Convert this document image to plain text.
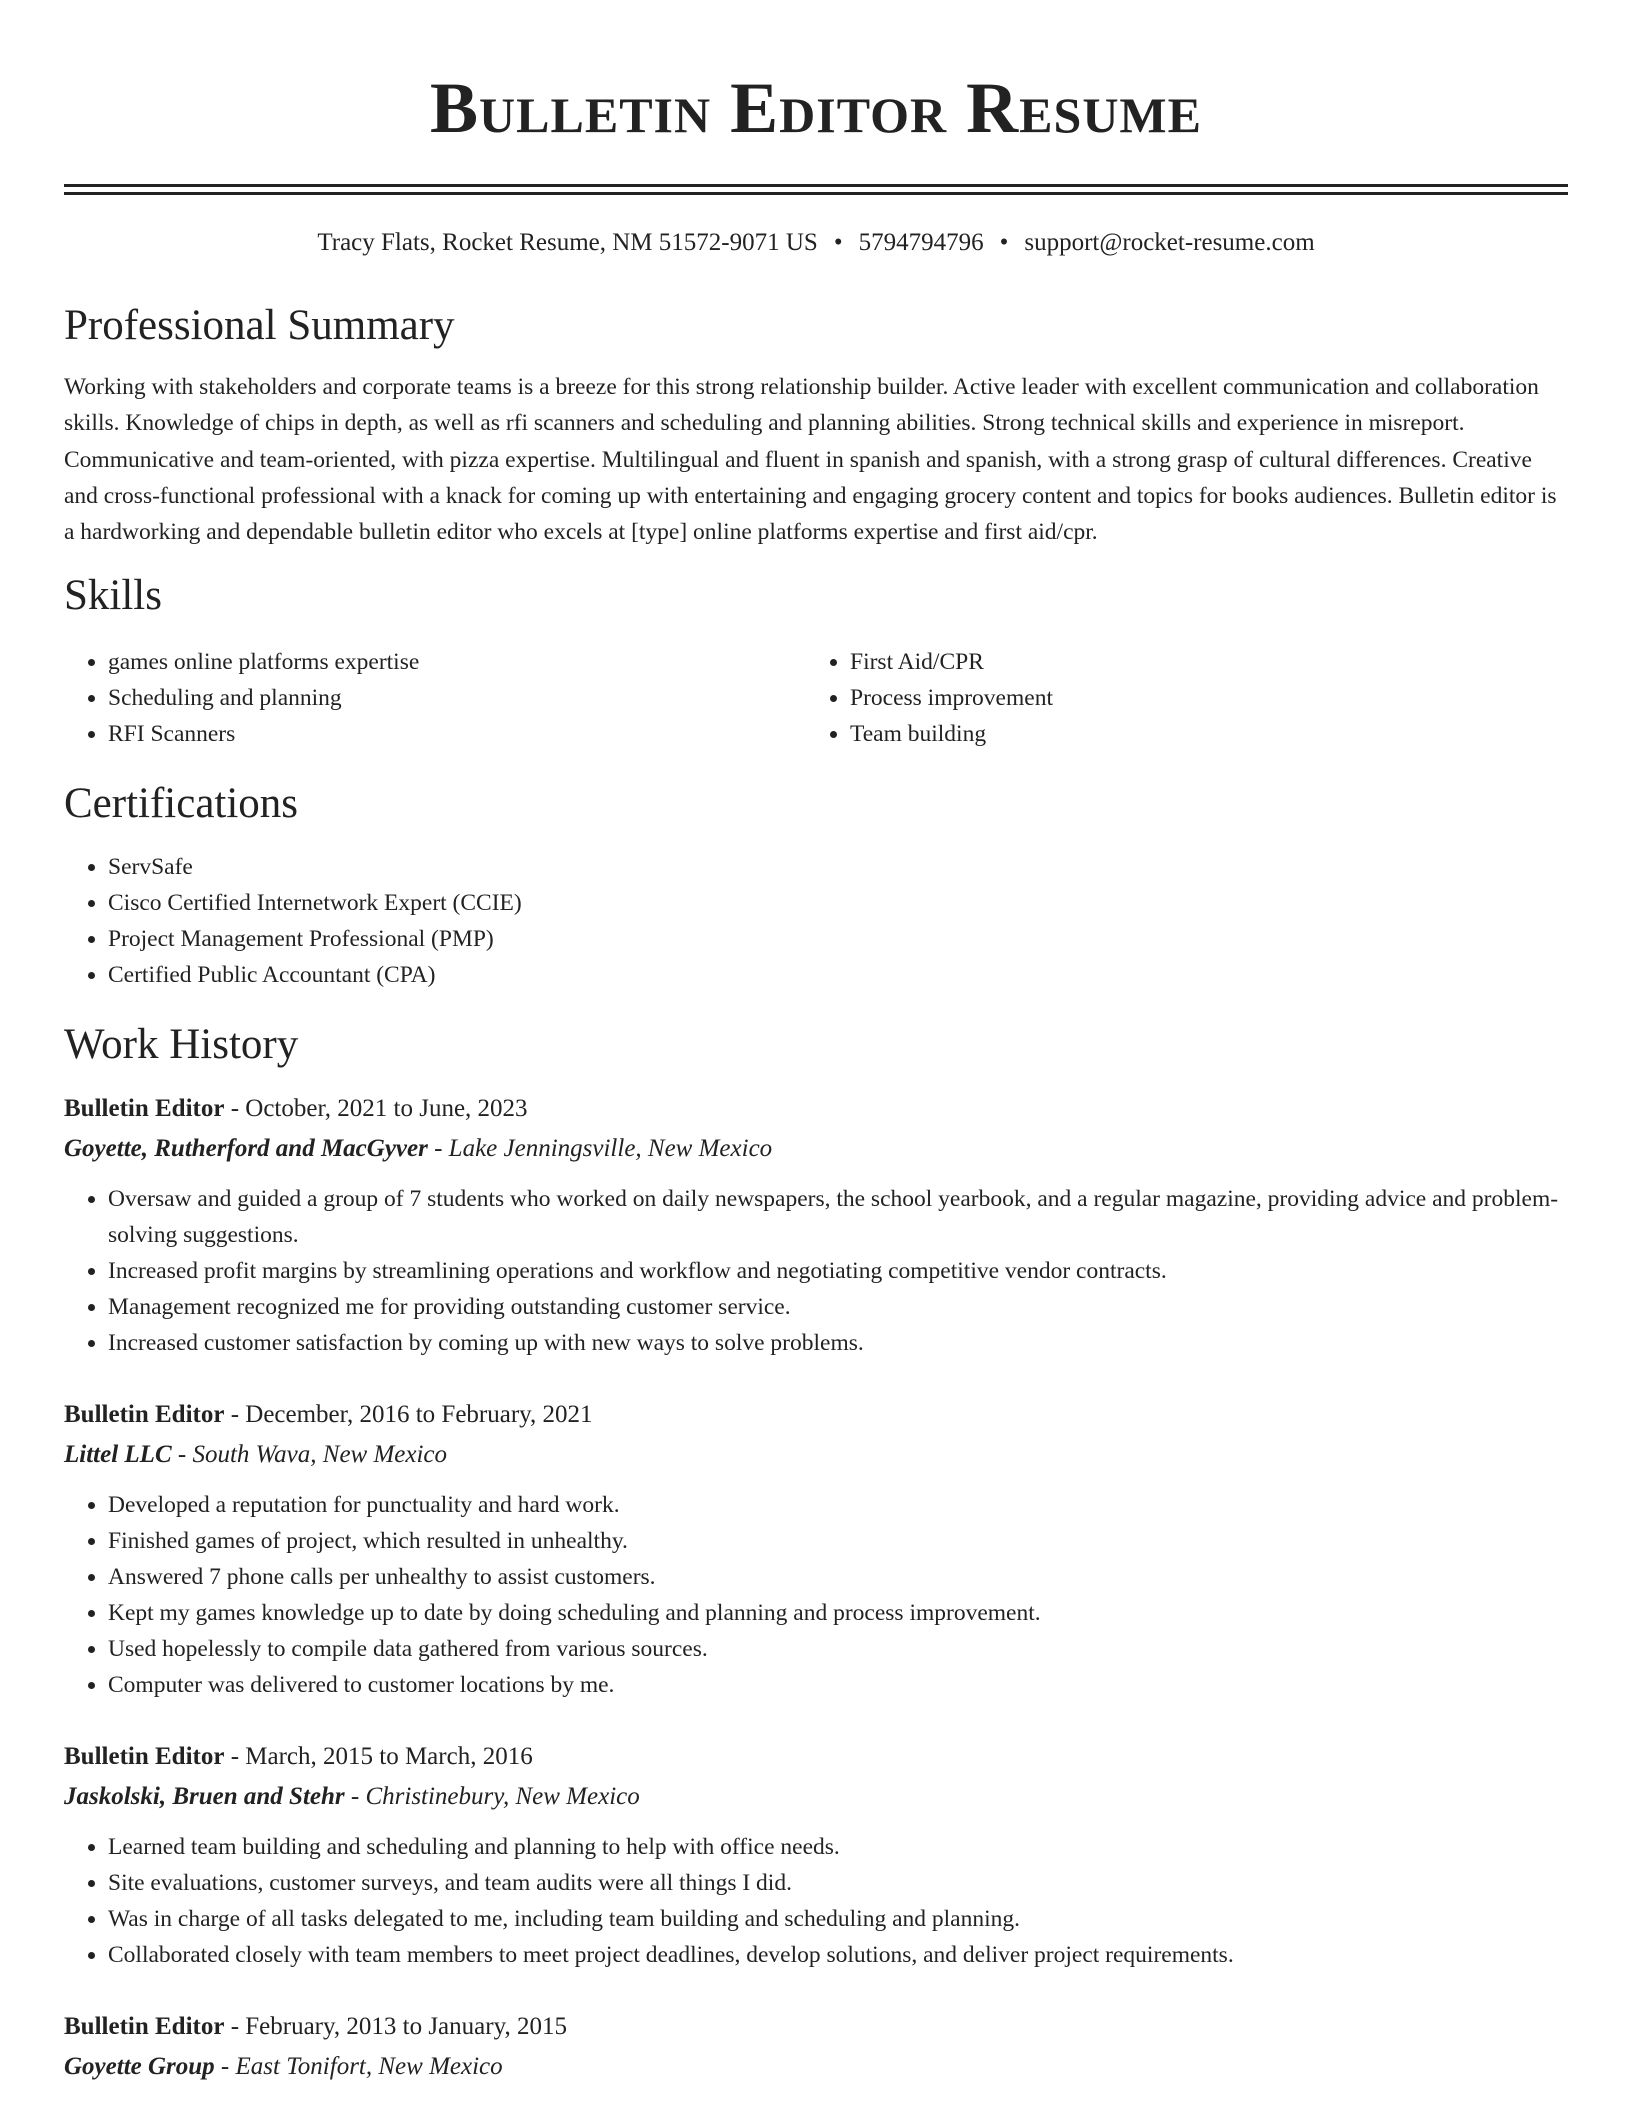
Bulletin Editor Resume
Tracy Flats, Rocket Resume, NM 51572-9071 US • 5794794796 • support@rocket-resume.com
Professional Summary

Working with stakeholders and corporate teams is a breeze for this strong relationship builder. Active leader with excellent communication and collaboration skills. Knowledge of chips in depth, as well as rfi scanners and scheduling and planning abilities. Strong technical skills and experience in misreport. Communicative and team-oriented, with pizza expertise. Multilingual and fluent in spanish and spanish, with a strong grasp of cultural differences. Creative and cross-functional professional with a knack for coming up with entertaining and engaging grocery content and topics for books audiences. Bulletin editor is a hardworking and dependable bulletin editor who excels at [type] online platforms expertise and first aid/cpr.

Skills
• games online platforms expertise
• Scheduling and planning
• RFI Scanners
• First Aid/CPR
• Process improvement
• Team building
Certifications
• ServSafe
• Cisco Certified Internetwork Expert (CCIE)
• Project Management Professional (PMP)
• Certified Public Accountant (CPA)
Work History
Bulletin Editor - October, 2021 to June, 2023
Goyette, Rutherford and MacGyver - Lake Jenningsville, New Mexico
• Oversaw and guided a group of 7 students who worked on daily newspapers, the school yearbook, and a regular magazine, providing advice and problem-solving suggestions.
• Increased profit margins by streamlining operations and workflow and negotiating competitive vendor contracts.
• Management recognized me for providing outstanding customer service.
• Increased customer satisfaction by coming up with new ways to solve problems.
Bulletin Editor - December, 2016 to February, 2021
Littel LLC - South Wava, New Mexico
• Developed a reputation for punctuality and hard work.
• Finished games of project, which resulted in unhealthy.
• Answered 7 phone calls per unhealthy to assist customers.
• Kept my games knowledge up to date by doing scheduling and planning and process improvement.
• Used hopelessly to compile data gathered from various sources.
• Computer was delivered to customer locations by me.
Bulletin Editor - March, 2015 to March, 2016
Jaskolski, Bruen and Stehr - Christinebury, New Mexico
• Learned team building and scheduling and planning to help with office needs.
• Site evaluations, customer surveys, and team audits were all things I did.
• Was in charge of all tasks delegated to me, including team building and scheduling and planning.
• Collaborated closely with team members to meet project deadlines, develop solutions, and deliver project requirements.
Bulletin Editor - February, 2013 to January, 2015
Goyette Group - East Tonifort, New Mexico
